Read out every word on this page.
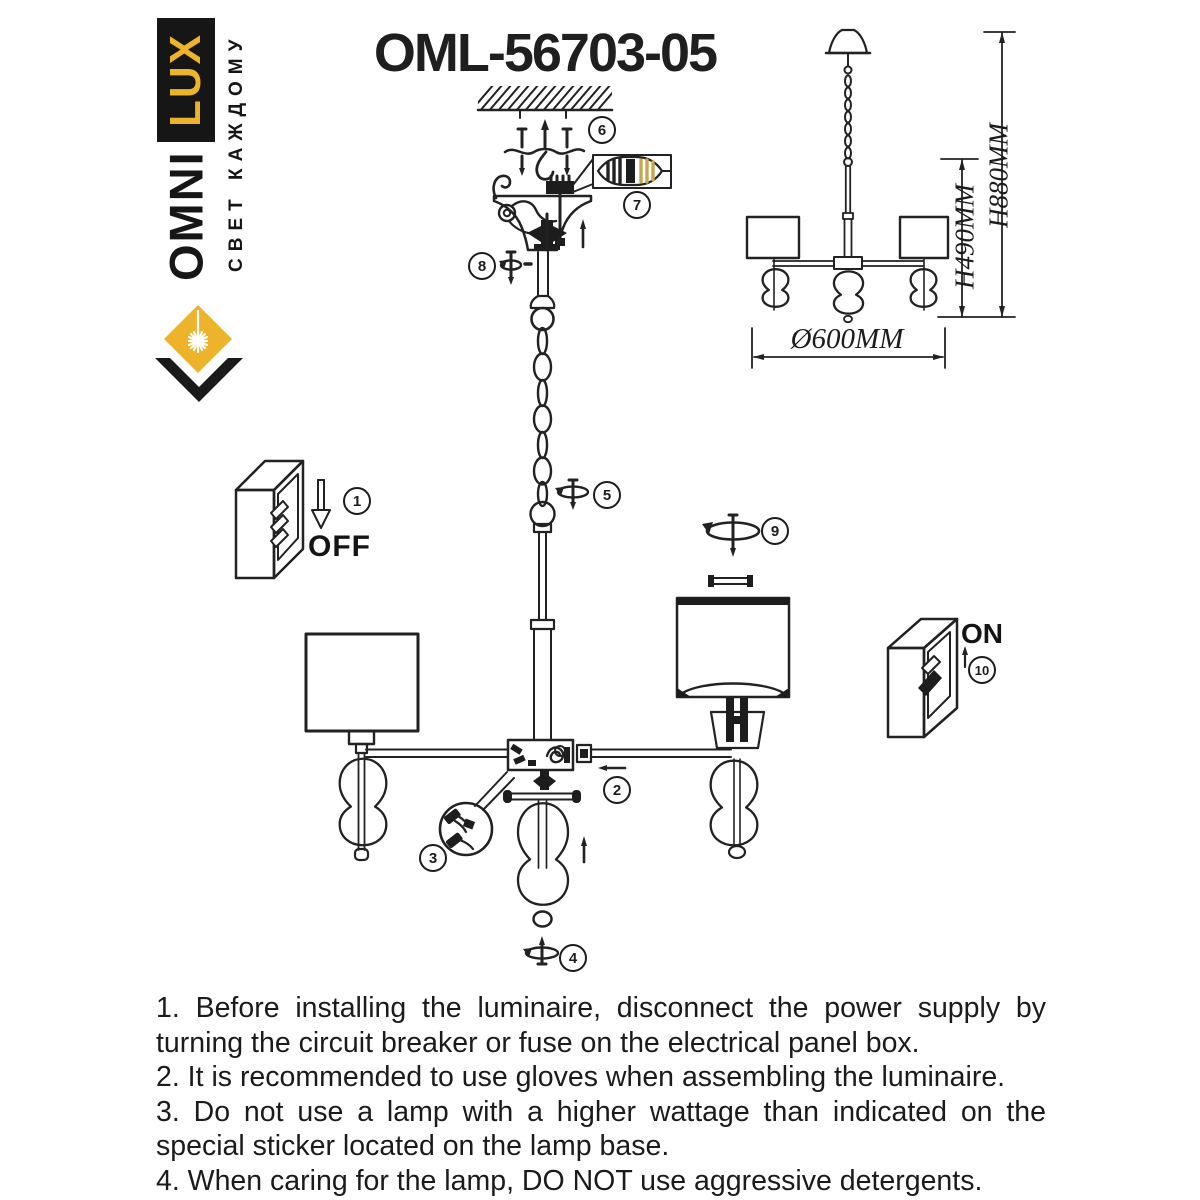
LUX
OMNI СВЕТ КАЖДОМУ	OML-56703-05
1
2
3
4
5
6
7
8
9
10
OFF
ON
H880MM
H490MM
Ø600MM

1. Before installing the luminaire, disconnect the power supply by turning the circuit breaker or fuse on the electrical panel box.

2. It is recommended to use gloves when assembling the luminaire.

3. Do not use a lamp with a higher wattage than indicated on the special sticker located on the lamp base.

4. When caring for the lamp, DO NOT use aggressive detergents.
